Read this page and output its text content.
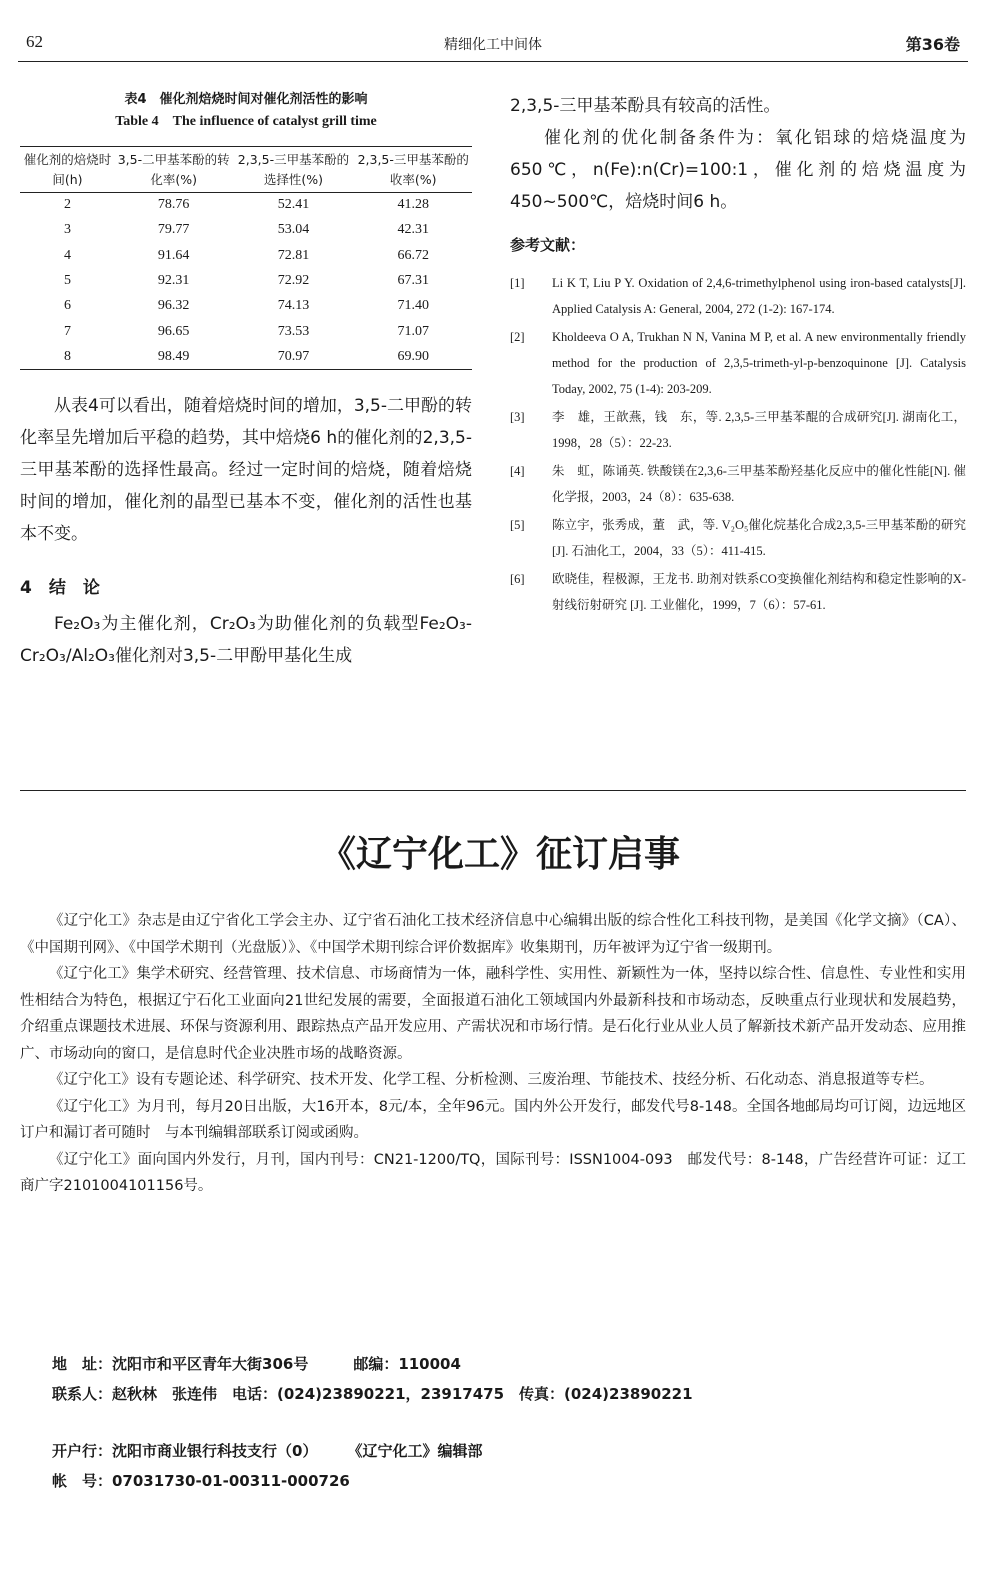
62	精细化工中间体	第36卷
表4　催化剂焙烧时间对催化剂活性的影响
Table 4　The influence of catalyst grill time
催化剂的焙烧时间(h)	3,5-二甲基苯酚的转化率(%)	2,3,5-三甲基苯酚的选择性(%)	2,3,5-三甲基苯酚的收率(%)
2	78.76	52.41	41.28
3	79.77	53.04	42.31
4	91.64	72.81	66.72
5	92.31	72.92	67.31
6	96.32	74.13	71.40
7	96.65	73.53	71.07
8	98.49	70.97	69.90

从表4可以看出，随着焙烧时间的增加，3,5-二甲酚的转化率呈先增加后平稳的趋势，其中焙烧6 h的催化剂的2,3,5-三甲基苯酚的选择性最高。经过一定时间的焙烧，随着焙烧时间的增加，催化剂的晶型已基本不变，催化剂的活性也基本不变。

4　结　论

Fe₂O₃为主催化剂，Cr₂O₃为助催化剂的负载型Fe₂O₃-Cr₂O₃/Al₂O₃催化剂对3,5-二甲酚甲基化生成

2,3,5-三甲基苯酚具有较高的活性。

催化剂的优化制备条件为：氧化铝球的焙烧温度为650℃，n(Fe):n(Cr)=100:1，催化剂的焙烧温度为450~500℃，焙烧时间6 h。

参考文献：
[1] Li K T, Liu P Y. Oxidation of 2,4,6-trimethylphenol using iron-based catalysts[J]. Applied Catalysis A: General, 2004, 272 (1-2): 167-174.
[2] Kholdeeva O A, Trukhan N N, Vanina M P, et al. A new environmentally friendly method for the production of 2,3,5-trimeth-yl-p-benzoquinone [J]. Catalysis Today, 2002, 75 (1-4): 203-209.
[3] 李　雄，王歆燕，钱　东，等. 2,3,5-三甲基苯醌的合成研究[J]. 湖南化工，1998，28（5）：22-23.
[4] 朱　虹，陈诵英. 铁酸镁在2,3,6-三甲基苯酚羟基化反应中的催化性能[N]. 催化学报，2003，24（8）：635-638.
[5] 陈立宇，张秀成，董　武，等. V₂O₅催化烷基化合成2,3,5-三甲基苯酚的研究[J]. 石油化工，2004，33（5）：411-415.
[6] 欧晓佳，程极源，王龙书. 助剂对铁系CO变换催化剂结构和稳定性影响的X-射线衍射研究 [J]. 工业催化，1999，7（6）：57-61.
《辽宁化工》征订启事

《辽宁化工》杂志是由辽宁省化工学会主办、辽宁省石油化工技术经济信息中心编辑出版的综合性化工科技刊物，是美国《化学文摘》（CA）、《中国期刊网》、《中国学术期刊（光盘版）》、《中国学术期刊综合评价数据库》收集期刊，历年被评为辽宁省一级期刊。

《辽宁化工》集学术研究、经营管理、技术信息、市场商情为一体，融科学性、实用性、新颖性为一体，坚持以综合性、信息性、专业性和实用性相结合为特色，根据辽宁石化工业面向21世纪发展的需要，全面报道石油化工领域国内外最新科技和市场动态，反映重点行业现状和发展趋势，介绍重点课题技术进展、环保与资源利用、跟踪热点产品开发应用、产需状况和市场行情。是石化行业从业人员了解新技术新产品开发动态、应用推广、市场动向的窗口，是信息时代企业决胜市场的战略资源。

《辽宁化工》设有专题论述、科学研究、技术开发、化学工程、分析检测、三废治理、节能技术、技经分析、石化动态、消息报道等专栏。

《辽宁化工》为月刊，每月20日出版，大16开本，8元/本，全年96元。国内外公开发行，邮发代号8-148。全国各地邮局均可订阅，边远地区订户和漏订者可随时　与本刊编辑部联系订阅或函购。

《辽宁化工》面向国内外发行，月刊，国内刊号：CN21-1200/TQ，国际刊号：ISSN1004-093　邮发代号：8-148，广告经营许可证：辽工商广字2101004101156号。

地　址：沈阳市和平区青年大街306号　　　邮编：110004
联系人：赵秋林　张连伟　电话：(024)23890221，23917475　传真：(024)23890221
开户行：沈阳市商业银行科技支行（0）　　　《辽宁化工》编辑部
帐　号：07031730-01-00311-000726
